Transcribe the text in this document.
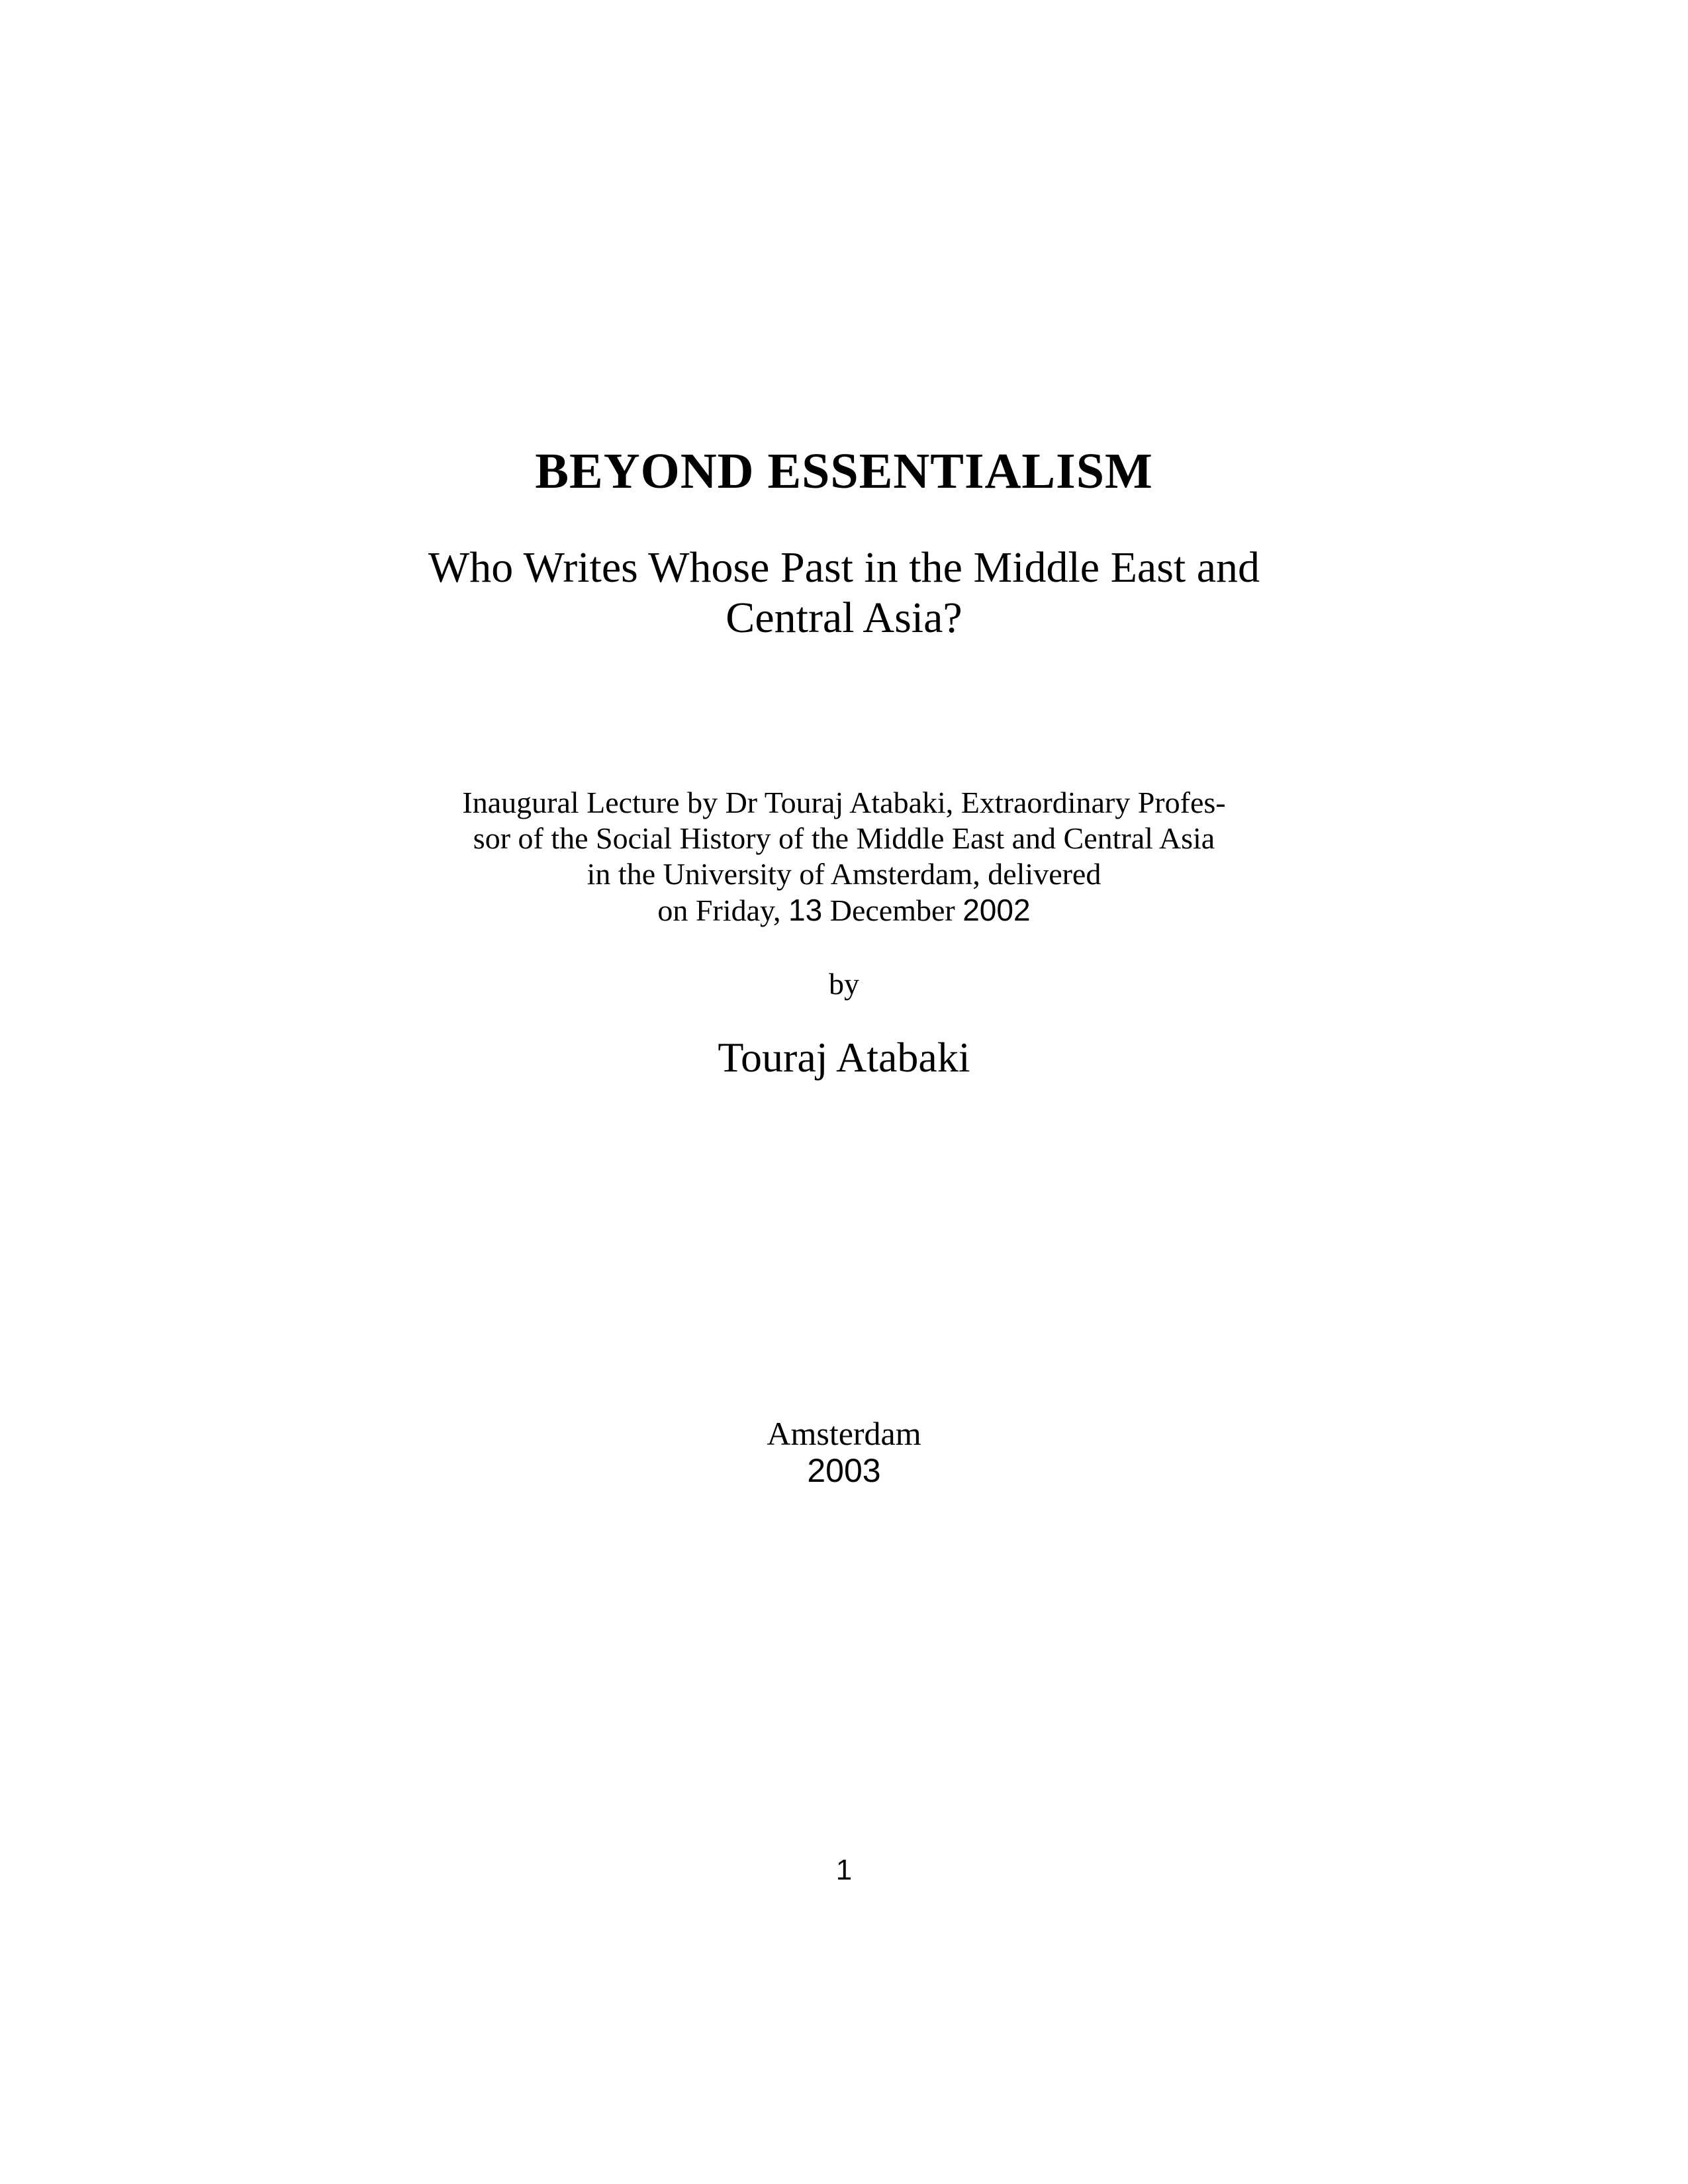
BEYOND ESSENTIALISM
Who Writes Whose Past in the Middle East and
Central Asia?
Inaugural Lecture by Dr Touraj Atabaki, Extraordinary Profes-
sor of the Social History of the Middle East and Central Asia
in the University of Amsterdam, delivered
on Friday, 13 December 2002
by
Touraj Atabaki
Amsterdam
2003
1
